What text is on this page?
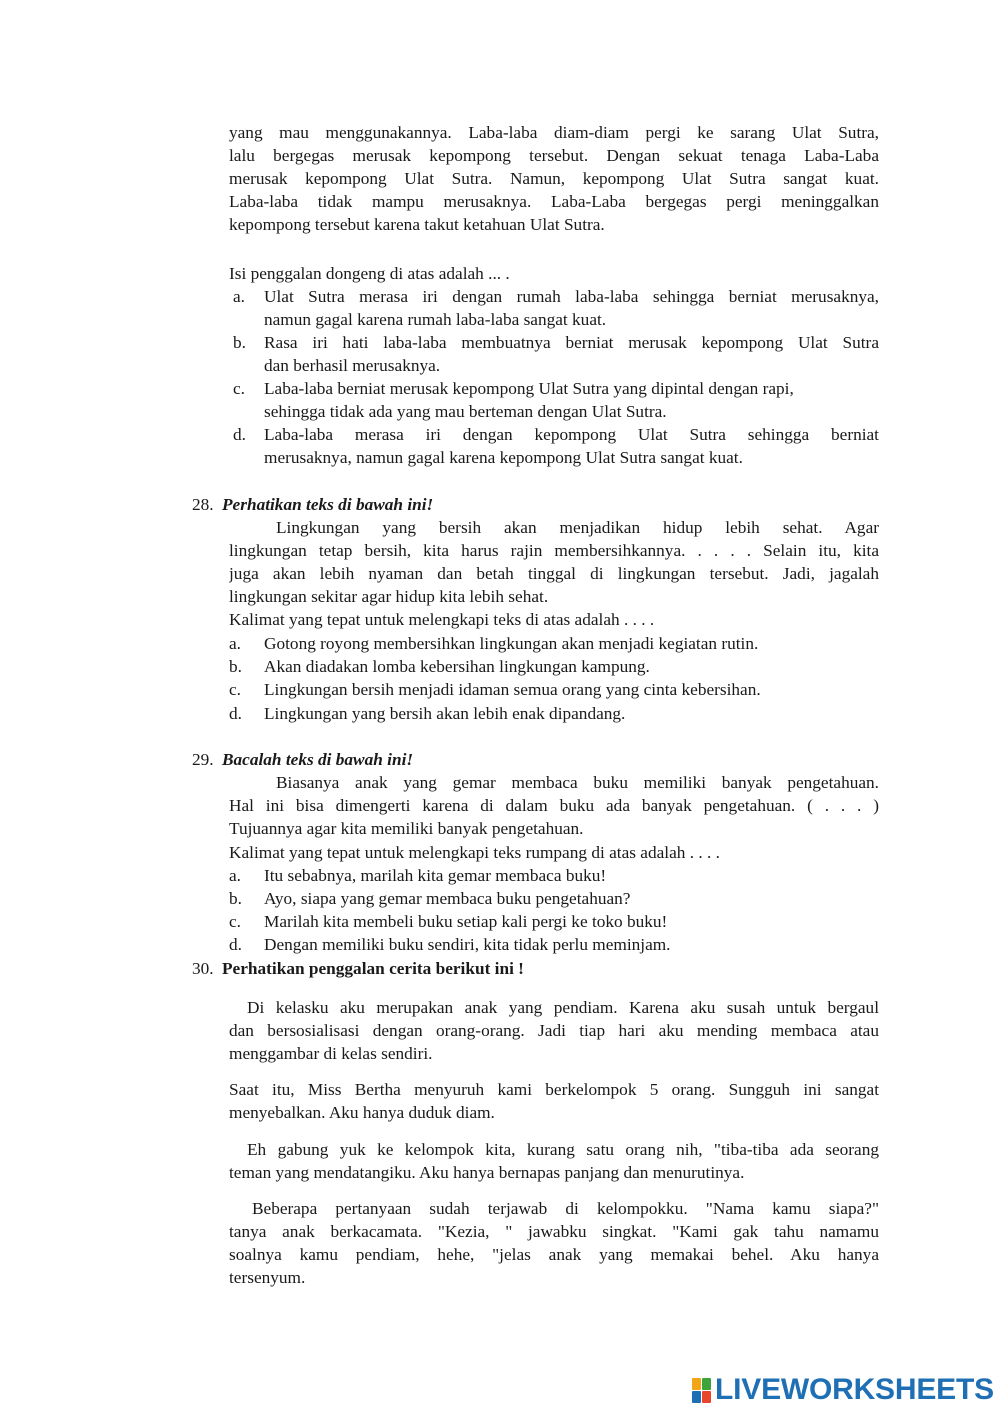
yang mau menggunakannya. Laba-laba diam-diam pergi ke sarang Ulat Sutra,
lalu bergegas merusak kepompong tersebut. Dengan sekuat tenaga Laba-Laba
merusak kepompong Ulat Sutra. Namun, kepompong Ulat Sutra sangat kuat.
Laba-laba tidak mampu merusaknya. Laba-Laba bergegas pergi meninggalkan
kepompong tersebut karena takut ketahuan Ulat Sutra.
Isi penggalan dongeng di atas adalah ... .
a. Ulat Sutra merasa iri dengan rumah laba-laba sehingga berniat merusaknya,
namun gagal karena rumah laba-laba sangat kuat.
b. Rasa iri hati laba-laba membuatnya berniat merusak kepompong Ulat Sutra
dan berhasil merusaknya.
c. Laba-laba berniat merusak kepompong Ulat Sutra yang dipintal dengan rapi,
sehingga tidak ada yang mau berteman dengan Ulat Sutra.
d. Laba-laba merasa iri dengan kepompong Ulat Sutra sehingga berniat
merusaknya, namun gagal karena kepompong Ulat Sutra sangat kuat.
28. Perhatikan teks di bawah ini!
Lingkungan yang bersih akan menjadikan hidup lebih sehat. Agar
lingkungan tetap bersih, kita harus rajin membersihkannya. . . . . Selain itu, kita
juga akan lebih nyaman dan betah tinggal di lingkungan tersebut. Jadi, jagalah
lingkungan sekitar agar hidup kita lebih sehat.
Kalimat yang tepat untuk melengkapi teks di atas adalah . . . .
a. Gotong royong membersihkan lingkungan akan menjadi kegiatan rutin.
b. Akan diadakan lomba kebersihan lingkungan kampung.
c. Lingkungan bersih menjadi idaman semua orang yang cinta kebersihan.
d. Lingkungan yang bersih akan lebih enak dipandang.
29. Bacalah teks di bawah ini!
Biasanya anak yang gemar membaca buku memiliki banyak pengetahuan.
Hal ini bisa dimengerti karena di dalam buku ada banyak pengetahuan. ( . . . )
Tujuannya agar kita memiliki banyak pengetahuan.
Kalimat yang tepat untuk melengkapi teks rumpang di atas adalah . . . .
a. Itu sebabnya, marilah kita gemar membaca buku!
b. Ayo, siapa yang gemar membaca buku pengetahuan?
c. Marilah kita membeli buku setiap kali pergi ke toko buku!
d. Dengan memiliki buku sendiri, kita tidak perlu meminjam.
30. Perhatikan penggalan cerita berikut ini !
Di kelasku aku merupakan anak yang pendiam. Karena aku susah untuk bergaul
dan bersosialisasi dengan orang-orang. Jadi tiap hari aku mending membaca atau
menggambar di kelas sendiri.
Saat itu, Miss Bertha menyuruh kami berkelompok 5 orang. Sungguh ini sangat
menyebalkan. Aku hanya duduk diam.
Eh gabung yuk ke kelompok kita, kurang satu orang nih, "tiba-tiba ada seorang
teman yang mendatangiku. Aku hanya bernapas panjang dan menurutinya.
Beberapa pertanyaan sudah terjawab di kelompokku. "Nama kamu siapa?"
tanya anak berkacamata. "Kezia, " jawabku singkat. "Kami gak tahu namamu
soalnya kamu pendiam, hehe, "jelas anak yang memakai behel. Aku hanya
tersenyum.
LIVEWORKSHEETS
